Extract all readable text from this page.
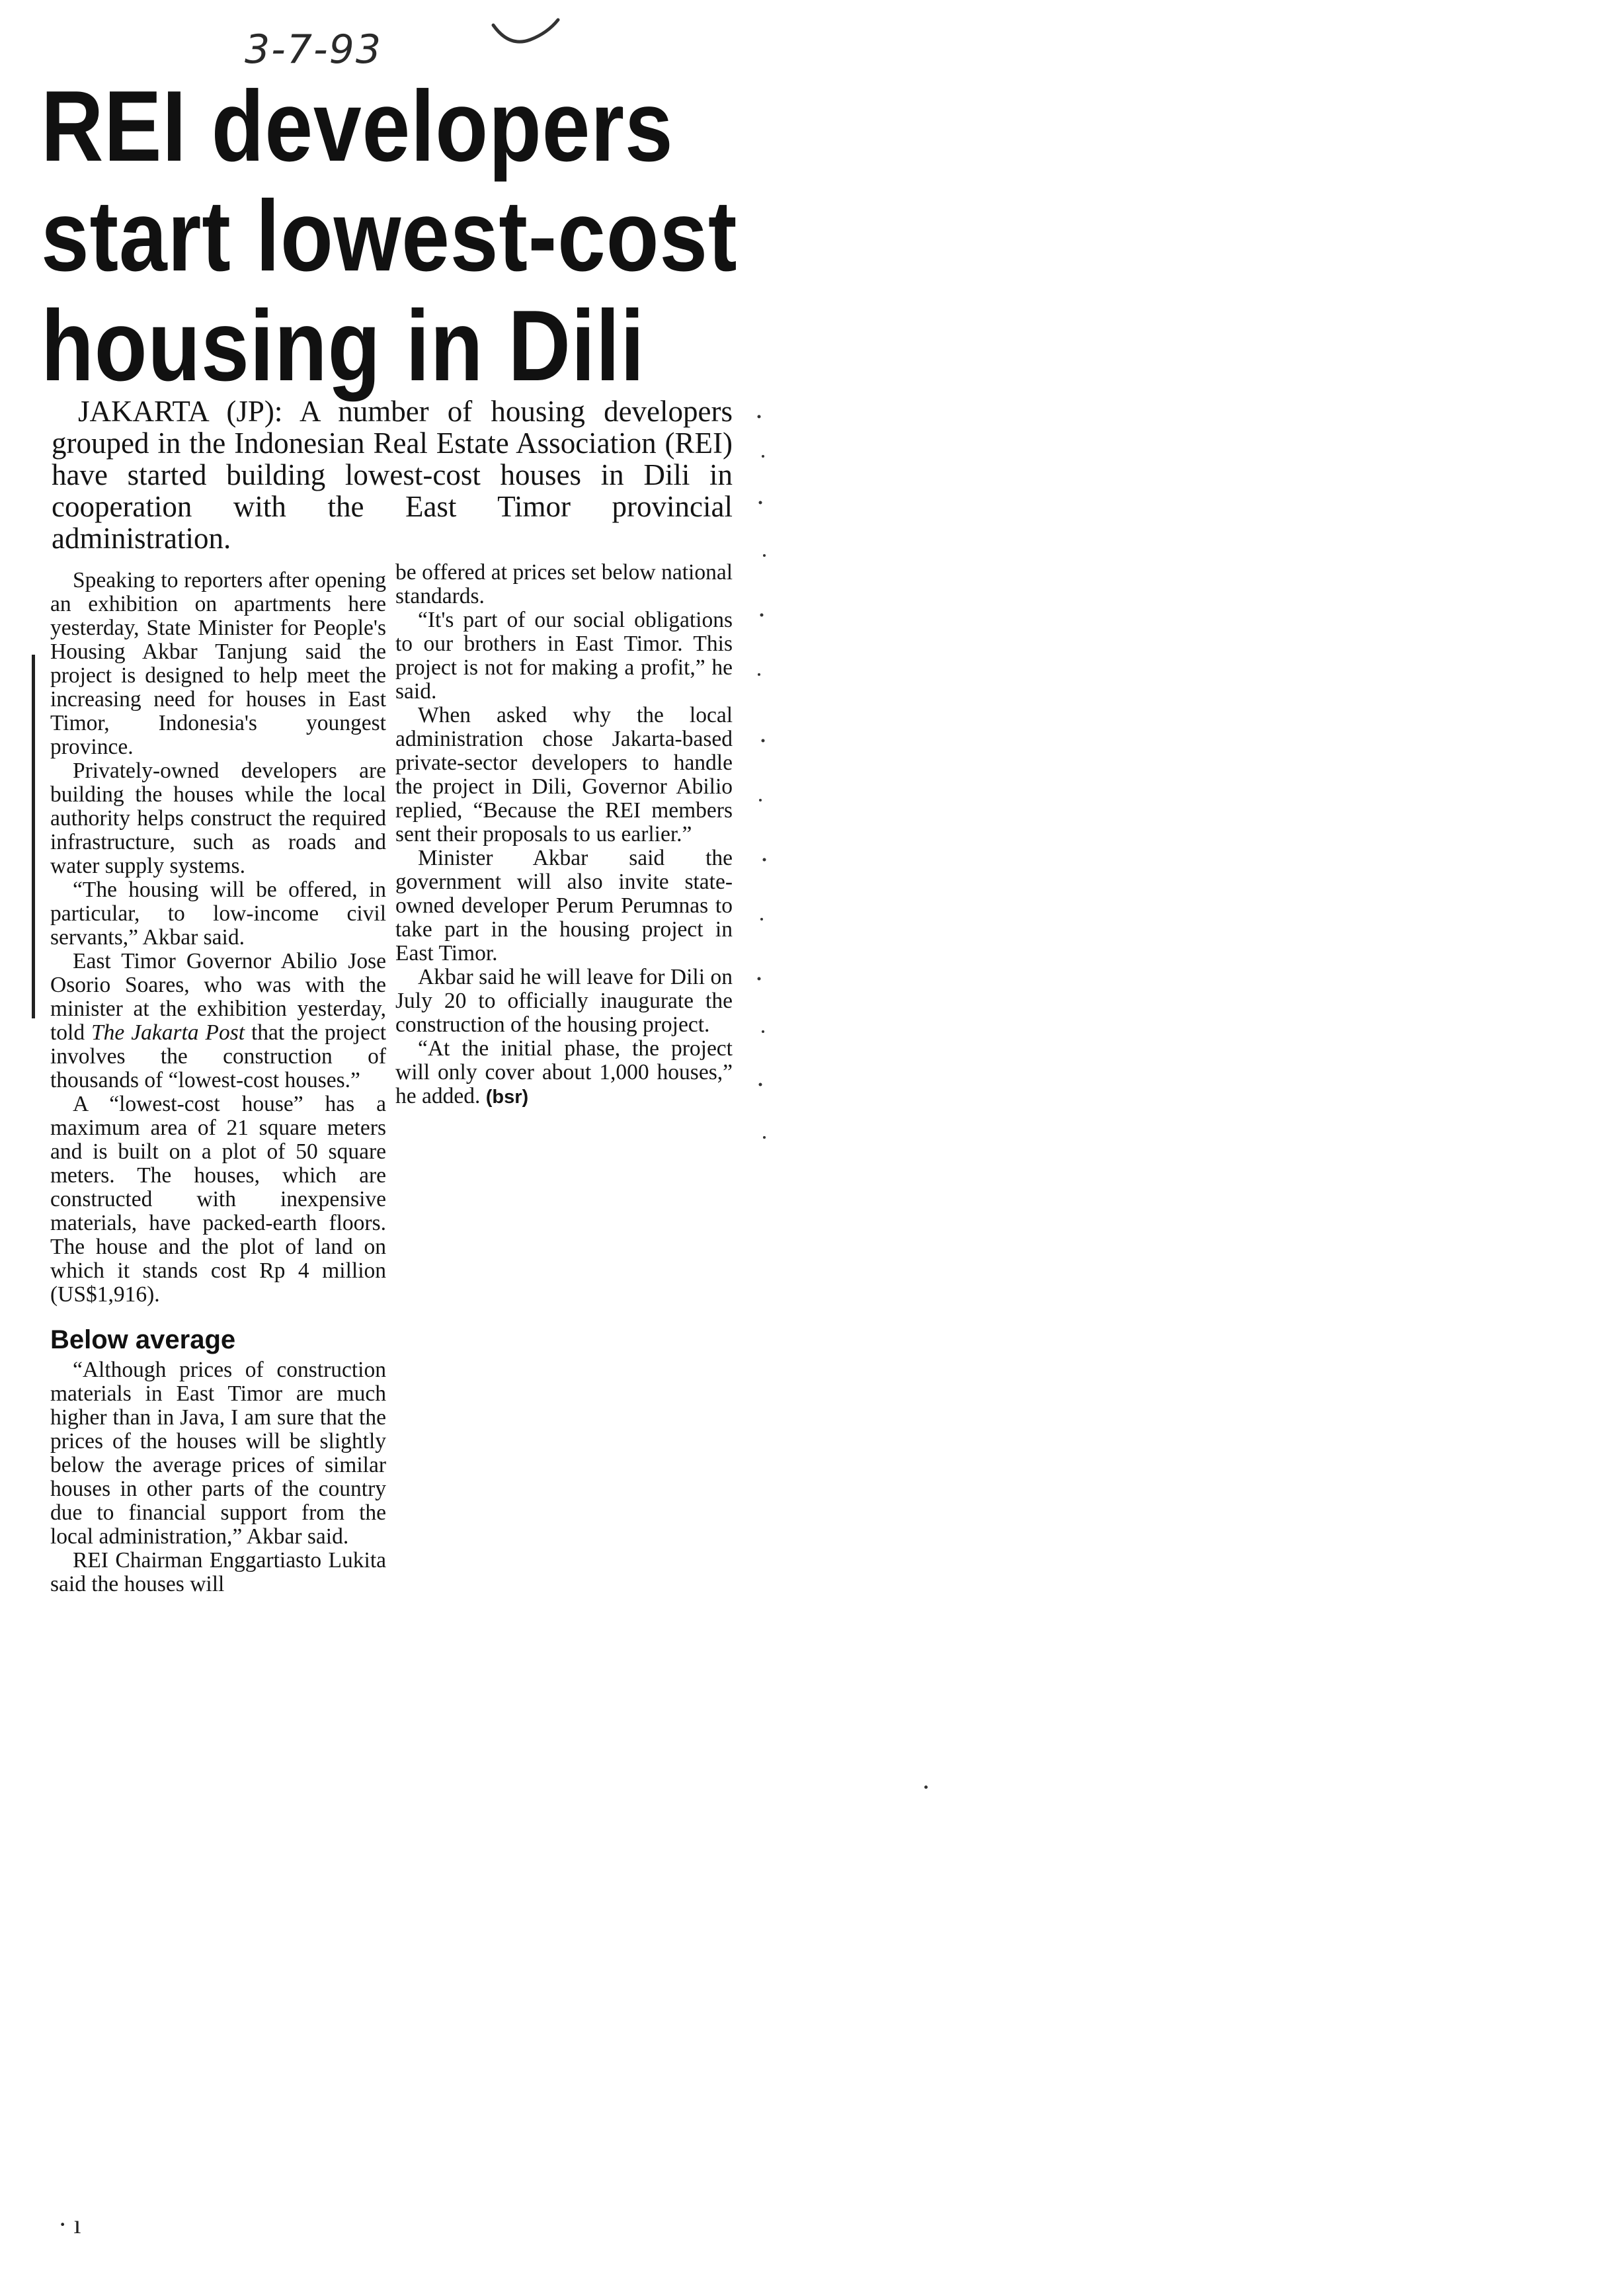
3-7-93
REI developers
start lowest-cost
housing in Dili

JAKARTA (JP): A number of housing developers grouped in the Indonesian Real Estate Association (REI) have started building lowest-cost houses in Dili in cooperation with the East Timor provincial administration.

Speaking to reporters after opening an exhibition on apartments here yesterday, State Minister for People's Housing Akbar Tanjung said the project is designed to help meet the increasing need for houses in East Timor, Indonesia's youngest province.

Privately-owned developers are building the houses while the local authority helps construct the required infrastructure, such as roads and water supply systems.

“The housing will be offered, in particular, to low-income civil servants,” Akbar said.

East Timor Governor Abilio Jose Osorio Soares, who was with the minister at the exhibition yesterday, told The Jakarta Post that the project involves the construction of thousands of “lowest-cost houses.”

A “lowest-cost house” has a maximum area of 21 square meters and is built on a plot of 50 square meters. The houses, which are constructed with inexpensive materials, have packed-earth floors. The house and the plot of land on which it stands cost Rp 4 million (US$1,916).

Below average

“Although prices of construction materials in East Timor are much higher than in Java, I am sure that the prices of the houses will be slightly below the average prices of similar houses in other parts of the country due to financial support from the local administration,” Akbar said.

REI Chairman Enggartiasto Lukita said the houses will

be offered at prices set below national standards.

“It's part of our social obligations to our brothers in East Timor. This project is not for making a profit,” he said.

When asked why the local administration chose Jakarta-based private-sector developers to handle the project in Dili, Governor Abilio replied, “Because the REI members sent their proposals to us earlier.”

Minister Akbar said the government will also invite state-owned developer Perum Perumnas to take part in the housing project in East Timor.

Akbar said he will leave for Dili on July 20 to officially inaugurate the construction of the housing project.

“At the initial phase, the project will only cover about 1,000 houses,” he added. (bsr)

· ı
